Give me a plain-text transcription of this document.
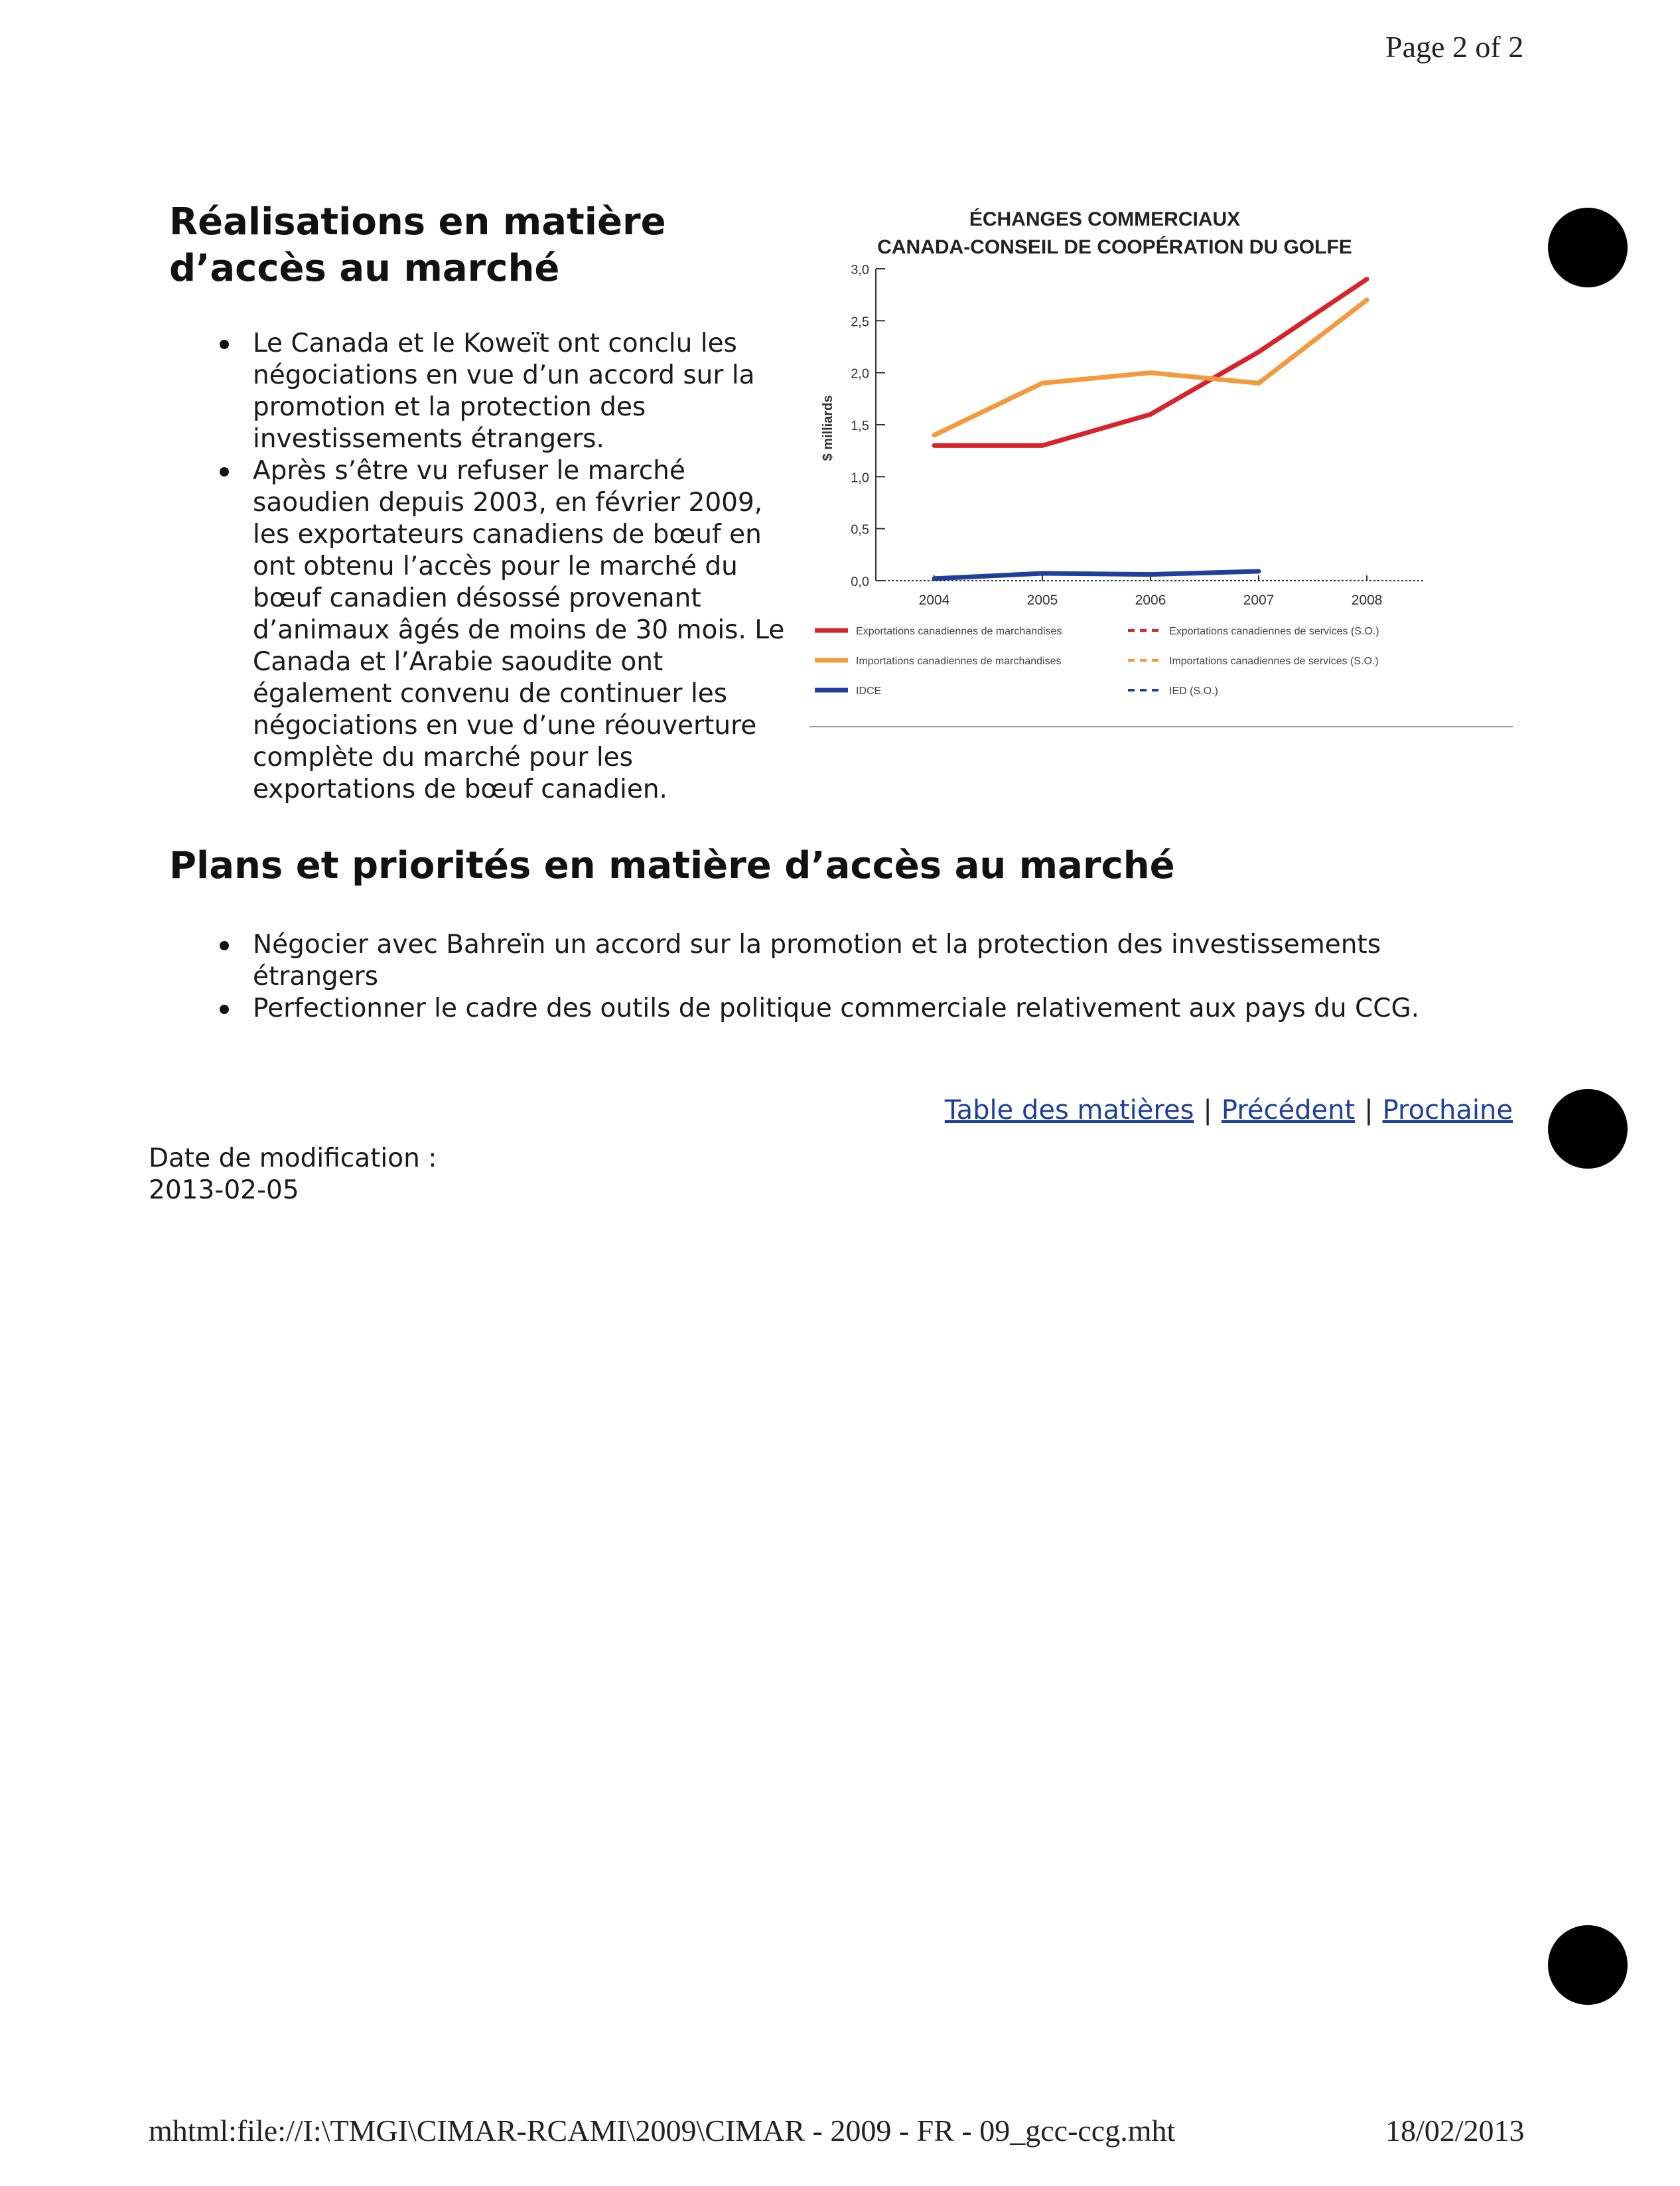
Page 2 of 2
Réalisations en matière
d’accès au marché
Le Canada et le Koweït ont conclu les négociations en vue d’un accord sur la promotion et la protection des investissements étrangers.
Après s’être vu refuser le marché saoudien depuis 2003, en février 2009, les exportateurs canadiens de bœuf en ont obtenu l’accès pour le marché du bœuf canadien désossé provenant d’animaux âgés de moins de 30 mois. Le Canada et l’Arabie saoudite ont également convenu de continuer les négociations en vue d’une réouverture complète du marché pour les exportations de bœuf canadien.
ÉCHANGES COMMERCIAUX
CANADA-CONSEIL DE COOPÉRATION DU GOLFE
$ milliards
0,0
0,5
1,0
1,5
2,0
2,5
3,0
2004	2005	2006	2007	2008
Exportations canadiennes de marchandises
Importations canadiennes de marchandises
IDCE
Exportations canadiennes de services (S.O.)
Importations canadiennes de services (S.O.)
IED (S.O.)
Plans et priorités en matière d’accès au marché
Négocier avec Bahreïn un accord sur la promotion et la protection des investissements étrangers
Perfectionner le cadre des outils de politique commerciale relativement aux pays du CCG.
Table des matières | Précédent | Prochaine
Date de modification :
2013-02-05
mhtml:file://I:\TMGI\CIMAR-RCAMI\2009\CIMAR - 2009 - FR - 09_gcc-ccg.mht	18/02/2013
